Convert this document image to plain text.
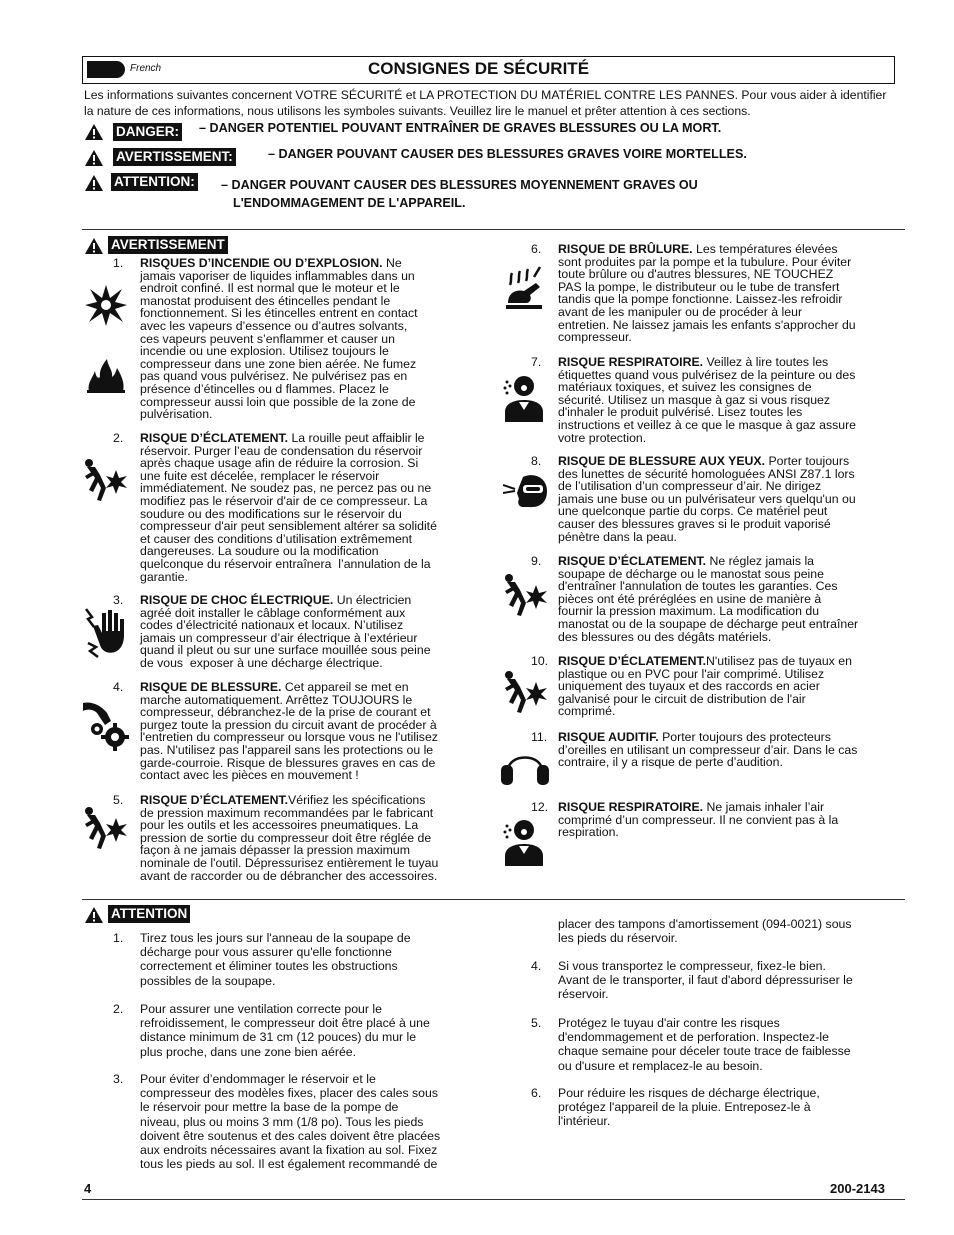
French	CONSIGNES DE SÉCURITÉ
Les informations suivantes concernent VOTRE SÉCURITÉ et LA PROTECTION DU MATÉRIEL CONTRE LES PANNES. Pour vous aider à identifier la nature de ces informations, nous utilisons les symboles suivants. Veuillez lire le manuel et prêter attention à ces sections.
DANGER: – DANGER POTENTIEL POUVANT ENTRAÎNER DE GRAVES BLESSURES OU LA MORT.
AVERTISSEMENT:	– DANGER POUVANT CAUSER DES BLESSURES GRAVES VOIRE MORTELLES.
ATTENTION: – DANGER POUVANT CAUSER DES BLESSURES MOYENNEMENT GRAVES OU
L'ENDOMMAGEMENT DE L'APPAREIL.
AVERTISSEMENT
1. RISQUES D’INCENDIE OU D’EXPLOSION. Ne
jamais vaporiser de liquides inflammables dans un
endroit confiné. Il est normal que le moteur et le
manostat produisent des étincelles pendant le
fonctionnement. Si les étincelles entrent en contact
avec les vapeurs d’essence ou d’autres solvants,
ces vapeurs peuvent s’enflammer et causer un
incendie ou une explosion. Utilisez toujours le
compresseur dans une zone bien aérée. Ne fumez
pas quand vous pulvérisez. Ne pulvérisez pas en
présence d’étincelles ou d flammes. Placez le
compresseur aussi loin que possible de la zone de
pulvérisation.
2. RISQUE D’ÉCLATEMENT. La rouille peut affaiblir le
réservoir. Purger l’eau de condensation du réservoir
après chaque usage afin de réduire la corrosion. Si
une fuite est décelée, remplacer le réservoir
immédiatement. Ne soudez pas, ne percez pas ou ne
modifiez pas le réservoir d'air de ce compresseur. La
soudure ou des modifications sur le réservoir du
compresseur d'air peut sensiblement altérer sa solidité
et causer des conditions d’utilisation extrêmement
dangereuses. La soudure ou la modification
quelconque du réservoir entraînera  l’annulation de la
garantie.
3. RISQUE DE CHOC ÉLECTRIQUE. Un électricien
agréé doit installer le câblage conformément aux
codes d’électricité nationaux et locaux. N’utilisez
jamais un compresseur d’air électrique à l’extérieur
quand il pleut ou sur une surface mouillée sous peine
de vous  exposer à une décharge électrique.
4. RISQUE DE BLESSURE. Cet appareil se met en
marche automatiquement. Arrêttez TOUJOURS le
compresseur, débranchez-le de la prise de courant et
purgez toute la pression du circuit avant de procéder à
l'entretien du compresseur ou lorsque vous ne l'utilisez
pas. N'utilisez pas l'appareil sans les protections ou le
garde-courroie. Risque de blessures graves en cas de
contact avec les pièces en mouvement !
5. RISQUE D’ÉCLATEMENT.Vérifiez les spécifications
de pression maximum recommandées par le fabricant
pour les outils et les accessoires pneumatiques. La
pression de sortie du compresseur doit être réglée de
façon à ne jamais dépasser la pression maximum
nominale de l'outil. Dépressurisez entièrement le tuyau
avant de raccorder ou de débrancher des accessoires.
6. RISQUE DE BRÛLURE. Les températures élevées
sont produites par la pompe et la tubulure. Pour éviter
toute brûlure ou d'autres blessures, NE TOUCHEZ
PAS la pompe, le distributeur ou le tube de transfert
tandis que la pompe fonctionne. Laissez-les refroidir
avant de les manipuler ou de procéder à leur
entretien. Ne laissez jamais les enfants s'approcher du
compresseur.
7. RISQUE RESPIRATOIRE. Veillez à lire toutes les
étiquettes quand vous pulvérisez de la peinture ou des
matériaux toxiques, et suivez les consignes de
sécurité. Utilisez un masque à gaz si vous risquez
d'inhaler le produit pulvérisé. Lisez toutes les
instructions et veillez à ce que le masque à gaz assure
votre protection.
8. RISQUE DE BLESSURE AUX YEUX. Porter toujours
des lunettes de sécurité homologuées ANSI Z87.1 lors
de l’utilisation d’un compresseur d’air. Ne dirigez
jamais une buse ou un pulvérisateur vers quelqu'un ou
une quelconque partie du corps. Ce matériel peut
causer des blessures graves si le produit vaporisé
pénètre dans la peau.
9. RISQUE D’ÉCLATEMENT. Ne réglez jamais la
soupape de décharge ou le manostat sous peine
d'entraîner l'annulation de toutes les garanties. Ces
pièces ont été préréglées en usine de manière à
fournir la pression maximum. La modification du
manostat ou de la soupape de décharge peut entraîner
des blessures ou des dégâts matériels.
10. RISQUE D’ÉCLATEMENT.N'utilisez pas de tuyaux en
plastique ou en PVC pour l'air comprimé. Utilisez
uniquement des tuyaux et des raccords en acier
galvanisé pour le circuit de distribution de l'air
comprimé.
11. RISQUE AUDITIF. Porter toujours des protecteurs
d’oreilles en utilisant un compresseur d’air. Dans le cas
contraire, il y a risque de perte d’audition.
12. RISQUE RESPIRATOIRE. Ne jamais inhaler l’air
comprimé d’un compresseur. Il ne convient pas à la
respiration.
ATTENTION
1. Tirez tous les jours sur l'anneau de la soupape de
décharge pour vous assurer qu'elle fonctionne
correctement et éliminer toutes les obstructions
possibles de la soupape.
2. Pour assurer une ventilation correcte pour le
refroidissement, le compresseur doit être placé à une
distance minimum de 31 cm (12 pouces) du mur le
plus proche, dans une zone bien aérée.
3. Pour éviter d’endommager le réservoir et le
compresseur des modèles fixes, placer des cales sous
le réservoir pour mettre la base de la pompe de
niveau, plus ou moins 3 mm (1/8 po). Tous les pieds
doivent être soutenus et des cales doivent être placées
aux endroits nécessaires avant la fixation au sol. Fixez
tous les pieds au sol. Il est également recommandé de
placer des tampons d'amortissement (094-0021) sous
les pieds du réservoir.
4. Si vous transportez le compresseur, fixez-le bien.
Avant de le transporter, il faut d'abord dépressuriser le
réservoir.
5. Protégez le tuyau d'air contre les risques
d'endommagement et de perforation. Inspectez-le
chaque semaine pour déceler toute trace de faiblesse
ou d'usure et remplacez-le au besoin.
6. Pour réduire les risques de décharge électrique,
protégez l'appareil de la pluie. Entreposez-le à
l'intérieur.
4	200-2143
